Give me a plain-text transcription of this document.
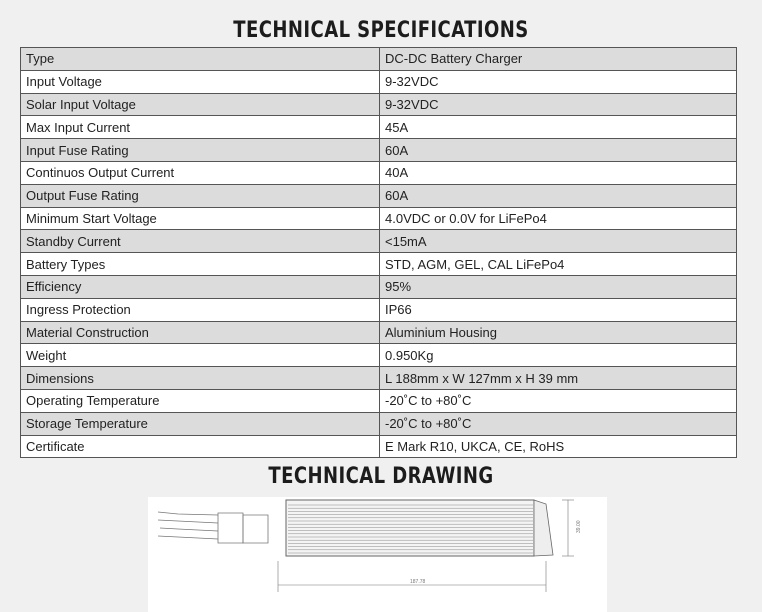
TECHNICAL SPECIFICATIONS
Type	DC-DC Battery Charger
Input Voltage	9-32VDC
Solar Input Voltage	9-32VDC
Max Input Current	45A
Input Fuse Rating	60A
Continuos Output Current	40A
Output Fuse Rating	60A
Minimum Start Voltage	4.0VDC or 0.0V for LiFePo4
Standby Current	<15mA
Battery Types	STD, AGM, GEL, CAL LiFePo4
Efficiency	95%
Ingress Protection	IP66
Material Construction	Aluminium Housing
Weight	0.950Kg
Dimensions	L 188mm x W 127mm x H 39 mm
Operating Temperature	-20˚C to +80˚C
Storage Temperature	-20˚C to +80˚C
Certificate	E Mark R10, UKCA, CE, RoHS
TECHNICAL DRAWING
39.00
187.78
